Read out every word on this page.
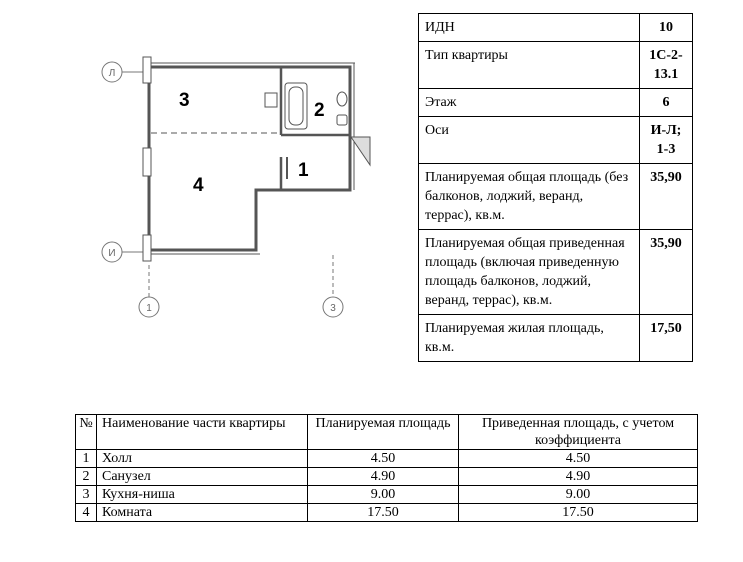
3	2
4
1
Л
И
1	3
ИДН	10
Тип квартиры	1С-2-13.1
Этаж	6
Оси	И-Л; 1-3
Планируемая общая площадь (без балконов, лоджий, веранд, террас), кв.м.	35,90
Планируемая общая приведенная площадь (включая приведенную площадь балконов, лоджий, веранд, террас), кв.м.	35,90
Планируемая жилая площадь, кв.м.	17,50
№	Наименование части квартиры	Планируемая площадь	Приведенная площадь, с учетом коэффициента
1	Холл	4.50	4.50
2	Санузел	4.90	4.90
3	Кухня-ниша	9.00	9.00
4	Комната	17.50	17.50
